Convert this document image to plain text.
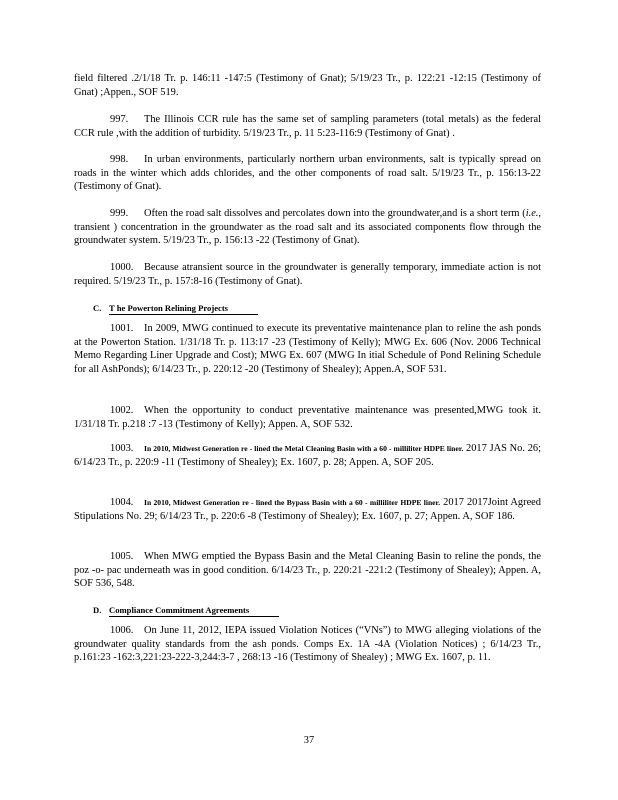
field filtered .2/1/18 Tr. p. 146:11 -147:5 (Testimony of Gnat); 5/19/23 Tr., p. 122:21 -12:15 (Testimony of Gnat) ;Appen., SOF 519.

997. The Illinois CCR rule has the same set of sampling parameters (total metals) as the federal CCR rule ,with the addition of turbidity. 5/19/23 Tr., p. 11 5:23-116:9 (Testimony of Gnat) .

998. In urban environments, particularly northern urban environments, salt is typically spread on roads in the winter which adds chlorides, and the other components of road salt. 5/19/23 Tr., p. 156:13-22 (Testimony of Gnat).

999. Often the road salt dissolves and percolates down into the groundwater,and is a short term (i.e., transient ) concentration in the groundwater as the road salt and its associated components flow through the groundwater system. 5/19/23 Tr., p. 156:13 -22 (Testimony of Gnat).

1000. Because atransient source in the groundwater is generally temporary, immediate action is not required. 5/19/23 Tr., p. 157:8-16 (Testimony of Gnat).

C. T he Powerton Relining Projects

1001. In 2009, MWG continued to execute its preventative maintenance plan to reline the ash ponds at the Powerton Station. 1/31/18 Tr. p. 113:17 -23 (Testimony of Kelly); MWG Ex. 606 (Nov. 2006 Technical Memo Regarding Liner Upgrade and Cost); MWG Ex. 607 (MWG In itial Schedule of Pond Relining Schedule for all AshPonds); 6/14/23 Tr., p. 220:12 -20 (Testimony of Shealey); Appen.A, SOF 531.

1002. When the opportunity to conduct preventative maintenance was presented,MWG took it. 1/31/18 Tr. p.218 :7 -13 (Testimony of Kelly); Appen. A, SOF 532.

1003. In 2010, Midwest Generation re - lined the Metal Cleaning Basin with a 60 - milliliter HDPE liner. 2017 JAS No. 26; 6/14/23 Tr., p. 220:9 -11 (Testimony of Shealey); Ex. 1607, p. 28; Appen. A, SOF 205.

1004. In 2010, Midwest Generation re - lined the Bypass Basin with a 60 - milliliter HDPE liner. 2017 2017Joint Agreed Stipulations No. 29; 6/14/23 Tr., p. 220:6 -8 (Testimony of Shealey); Ex. 1607, p. 27; Appen. A, SOF 186.

1005. When MWG emptied the Bypass Basin and the Metal Cleaning Basin to reline the ponds, the poz -o- pac underneath was in good condition. 6/14/23 Tr., p. 220:21 -221:2 (Testimony of Shealey); Appen. A, SOF 536, 548.

D. Compliance Commitment Agreements

1006. On June 11, 2012, IEPA issued Violation Notices (“VNs”) to MWG alleging violations of the groundwater quality standards from the ash ponds. Comps Ex. 1A -4A (Violation Notices) ; 6/14/23 Tr., p.161:23 -162:3,221:23-222-3,244:3-7 , 268:13 -16 (Testimony of Shealey) ; MWG Ex. 1607, p. 11.

37
